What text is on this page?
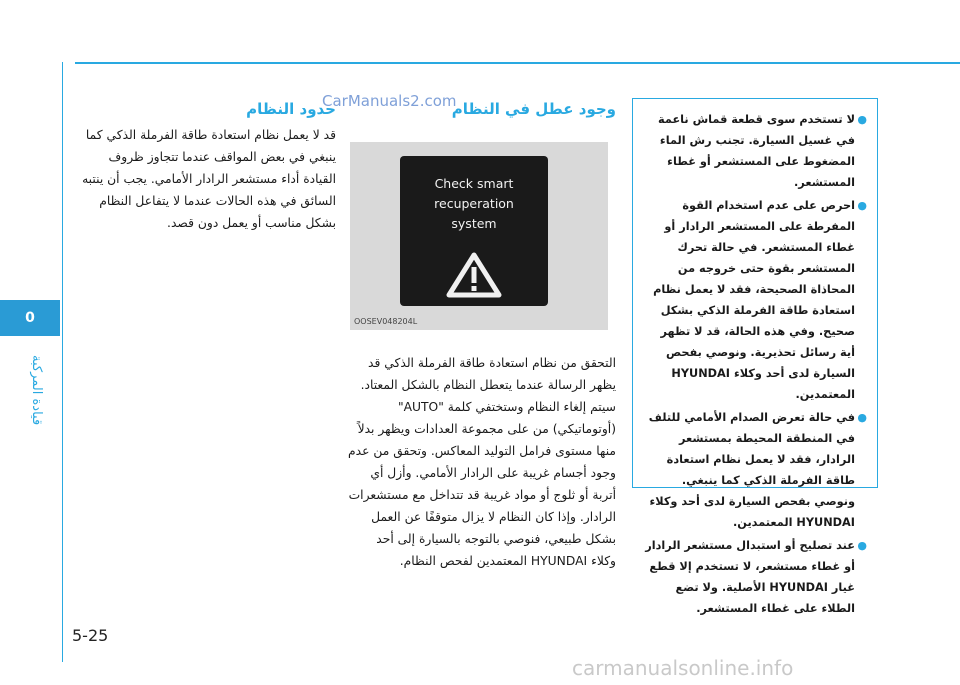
0
قيادة المركبة
CarManuals2.com

حدود النظام

قد لا يعمل نظام استعادة طاقة الفرملة الذكي كما ينبغي في بعض المواقف عندما تتجاوز ظروف القيادة أداء مستشعر الرادار الأمامي. يجب أن ينتبه السائق في هذه الحالات عندما لا يتفاعل النظام بشكل مناسب أو يعمل دون قصد.

وجود عطل في النظام

Check smart
recuperation
system
OOSEV048204L

التحقق من نظام استعادة طاقة الفرملة الذكي قد يظهر الرسالة عندما يتعطل النظام بالشكل المعتاد. سيتم إلغاء النظام وستختفي كلمة "AUTO" (أوتوماتيكي) من على مجموعة العدادات ويظهر بدلاً منها مستوى فرامل التوليد المعاكس. وتحقق من عدم وجود أجسام غريبة على الرادار الأمامي. وأزل أي أتربة أو ثلوج أو مواد غريبة قد تتداخل مع مستشعرات الرادار. وإذا كان النظام لا يزال متوقفًا عن العمل بشكل طبيعي، فنوصي بالتوجه بالسيارة إلى أحد وكلاء HYUNDAI المعتمدين لفحص النظام.

●
لا تستخدم سوى قطعة قماش ناعمة في غسيل السيارة. تجنب رش الماء المضغوط على المستشعر أو غطاء المستشعر.
●
احرص على عدم استخدام القوة المفرطة على المستشعر الرادار أو غطاء المستشعر. في حالة تحرك المستشعر بقوة حتى خروجه من المحاذاة الصحيحة، فقد لا يعمل نظام استعادة طاقة الفرملة الذكي بشكل صحيح. وفي هذه الحالة، قد لا تظهر أية رسائل تحذيرية. ونوصي بفحص السيارة لدى أحد وكلاء HYUNDAI المعتمدين.
●
في حالة تعرض الصدام الأمامي للتلف في المنطقة المحيطة بمستشعر الرادار، فقد لا يعمل نظام استعادة طاقة الفرملة الذكي كما ينبغي. ونوصي بفحص السيارة لدى أحد وكلاء HYUNDAI المعتمدين.
●
عند تصليح أو استبدال مستشعر الرادار أو غطاء مستشعر، لا تستخدم إلا قطع غيار HYUNDAI الأصلية. ولا تضع الطلاء على غطاء المستشعر.
5-25
carmanualsonline.info
